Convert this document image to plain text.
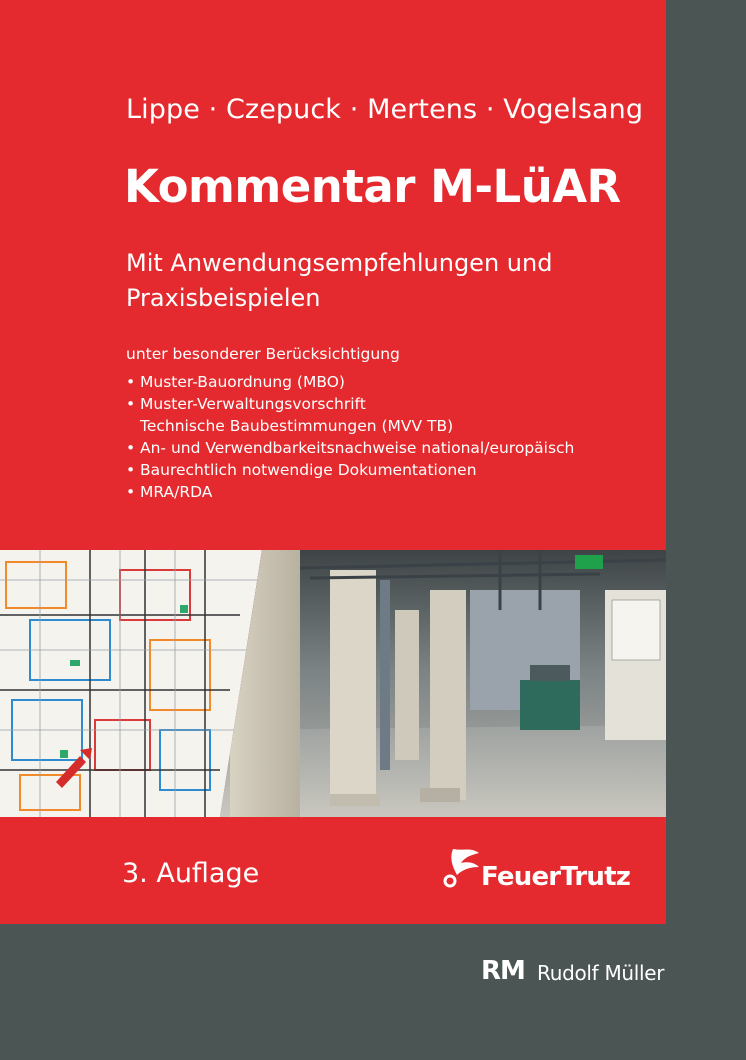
Lippe · Czepuck · Mertens · Vogelsang
Kommentar M-LüAR
Mit Anwendungsempfehlungen und
Praxisbeispielen
unter besonderer Berücksichtigung
• Muster-Bauordnung (MBO)
• Muster-Verwaltungsvorschrift
Technische Baubestimmungen (MVV TB)
• An- und Verwendbarkeitsnachweise national/europäisch
• Baurechtlich notwendige Dokumentationen
• MRA/RDA
3. Auflage	FeuerTrutz
RM Rudolf Müller
